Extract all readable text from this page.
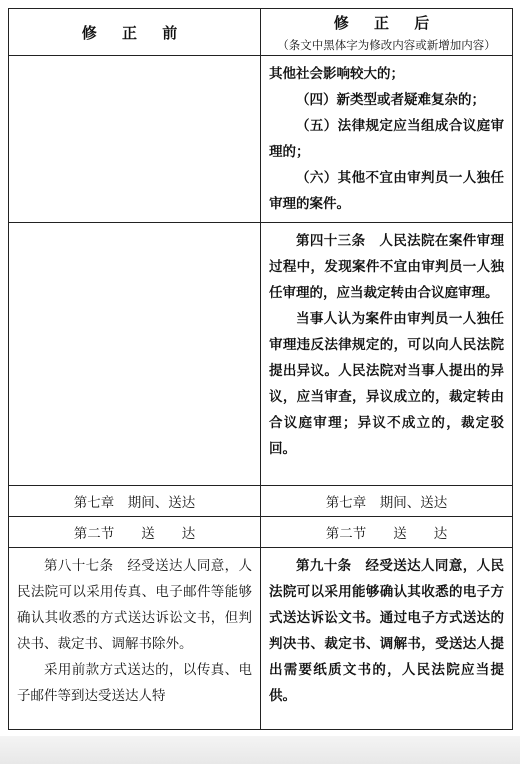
修 正 前	修 正 后
（条文中黑体字为修改内容或新增加内容）

	其他社会影响较大的；

（四）新类型或者疑难复杂的；

（五）法律规定应当组成合议庭审理的；

（六）其他不宜由审判员一人独任审理的案件。

	第四十三条　人民法院在案件审理过程中，发现案件不宜由审判员一人独任审理的，应当裁定转由合议庭审理。

当事人认为案件由审判员一人独任审理违反法律规定的，可以向人民法院提出异议。人民法院对当事人提出的异议，应当审查，异议成立的，裁定转由合议庭审理；异议不成立的，裁定驳回。

第七章　期间、送达	第七章　期间、送达
第二节　　送　　达	第二节　　送　　达

第八十七条　经受送达人同意，人民法院可以采用传真、电子邮件等能够确认其收悉的方式送达诉讼文书，但判决书、裁定书、调解书除外。

采用前款方式送达的，以传真、电子邮件等到达受送达人特	第九十条　经受送达人同意，人民法院可以采用能够确认其收悉的电子方式送达诉讼文书。通过电子方式送达的判决书、裁定书、调解书，受送达人提出需要纸质文书的，人民法院应当提供。
